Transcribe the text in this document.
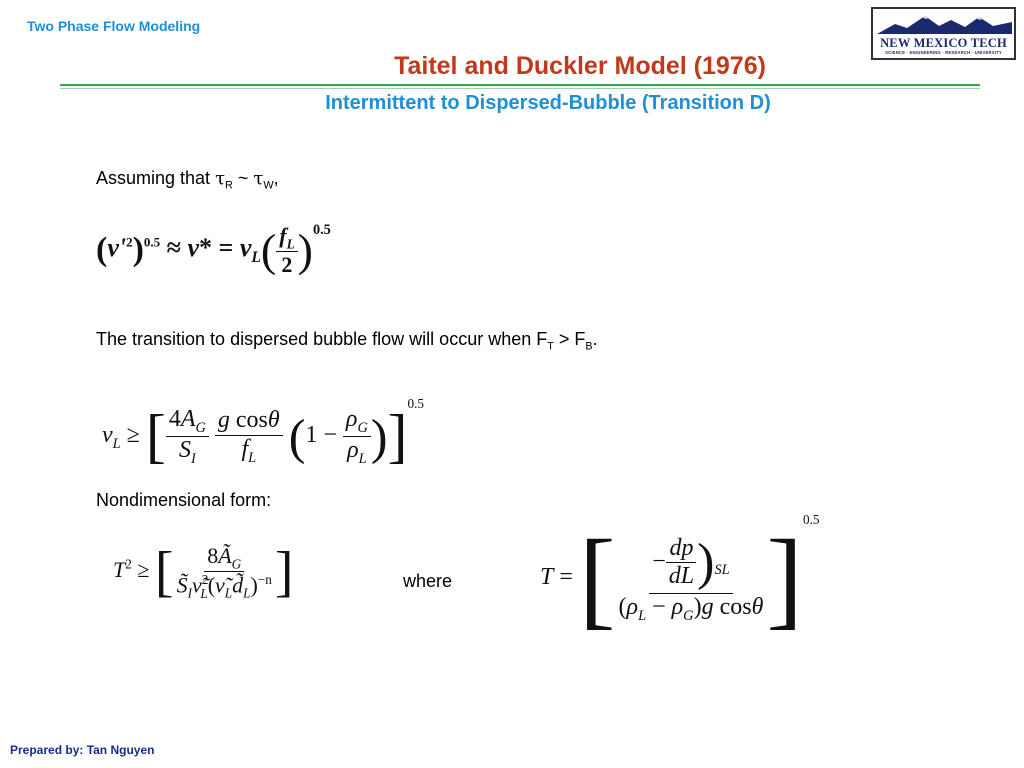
Two Phase Flow Modeling
Taitel and Duckler Model (1976)
Intermittent to Dispersed-Bubble (Transition D)
NEW MEXICO TECH
SCIENCE · ENGINEERING · RESEARCH · UNIVERSITY
Assuming that $\tau_R$ ~ $\tau_W$,
$(\nu'^2)^{0.5} \approx \nu* = \nu_L( \frac{f_L}{2} )^{0.5}$
The transition to dispersed bubble flow will occur when $F_T > F_B$.
$\nu_L$ ≥ [ $\frac{4A_G}{S_I}$
$\frac{\text{g cosθ}}{f_L} (1 - \frac{\rho_G}{\rho_L} )]^{0.5}$
Nondimensional form:
$T^2$ ≥ [ $\frac{8Ã_G}{S̃_I\nũ^2_L(\nũ_Ld̃_L)^{-n}}$ ]	where	T = [ $\frac{- \frac{dp}{dL} )_{SL}}{(\rho_L - \rho_G)g \cos\theta} ]^{0.5}$
Prepared by: Tan Nguyen
